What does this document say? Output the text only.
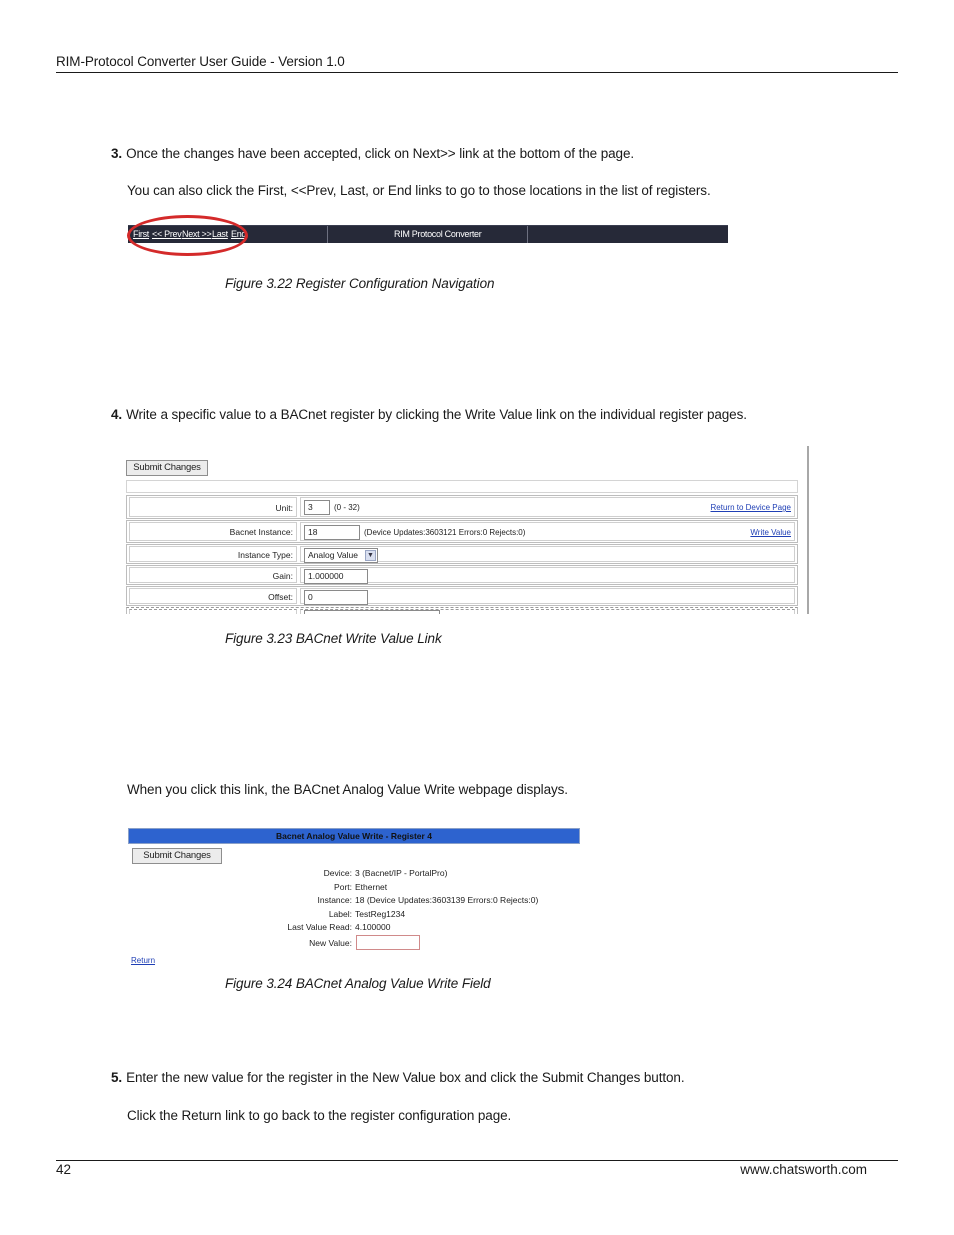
RIM-Protocol Converter User Guide - Version 1.0
3. Once the changes have been accepted, click on Next>> link at the bottom of the page.
You can also click the First, <<Prev, Last, or End links to go to those locations in the list of registers.
First << Prev Next >> Last End	RIM Protocol Converter
Figure 3.22 Register Configuration Navigation
4. Write a specific value to a BACnet register by clicking the Write Value link on the individual register pages.
Submit Changes
Unit:	3	(0 - 32)	Return to Device Page
Bacnet Instance:	18	(Device Updates:3603121 Errors:0 Rejects:0)	Write Value
Instance Type:	Analog Value ▼
Gain:	1.000000
Offset:	0
Figure 3.23 BACnet Write Value Link
When you click this link, the BACnet Analog Value Write webpage displays.
Bacnet Analog Value Write - Register 4
Submit Changes
Device: 3 (Bacnet/IP - PortalPro)
Port: Ethernet
Instance: 18 (Device Updates:3603139 Errors:0 Rejects:0)
Label: TestReg1234
Last Value Read: 4.100000
New Value:
Return
Figure 3.24 BACnet Analog Value Write Field
5. Enter the new value for the register in the New Value box and click the Submit Changes button.
Click the Return link to go back to the register configuration page.
42	www.chatsworth.com
